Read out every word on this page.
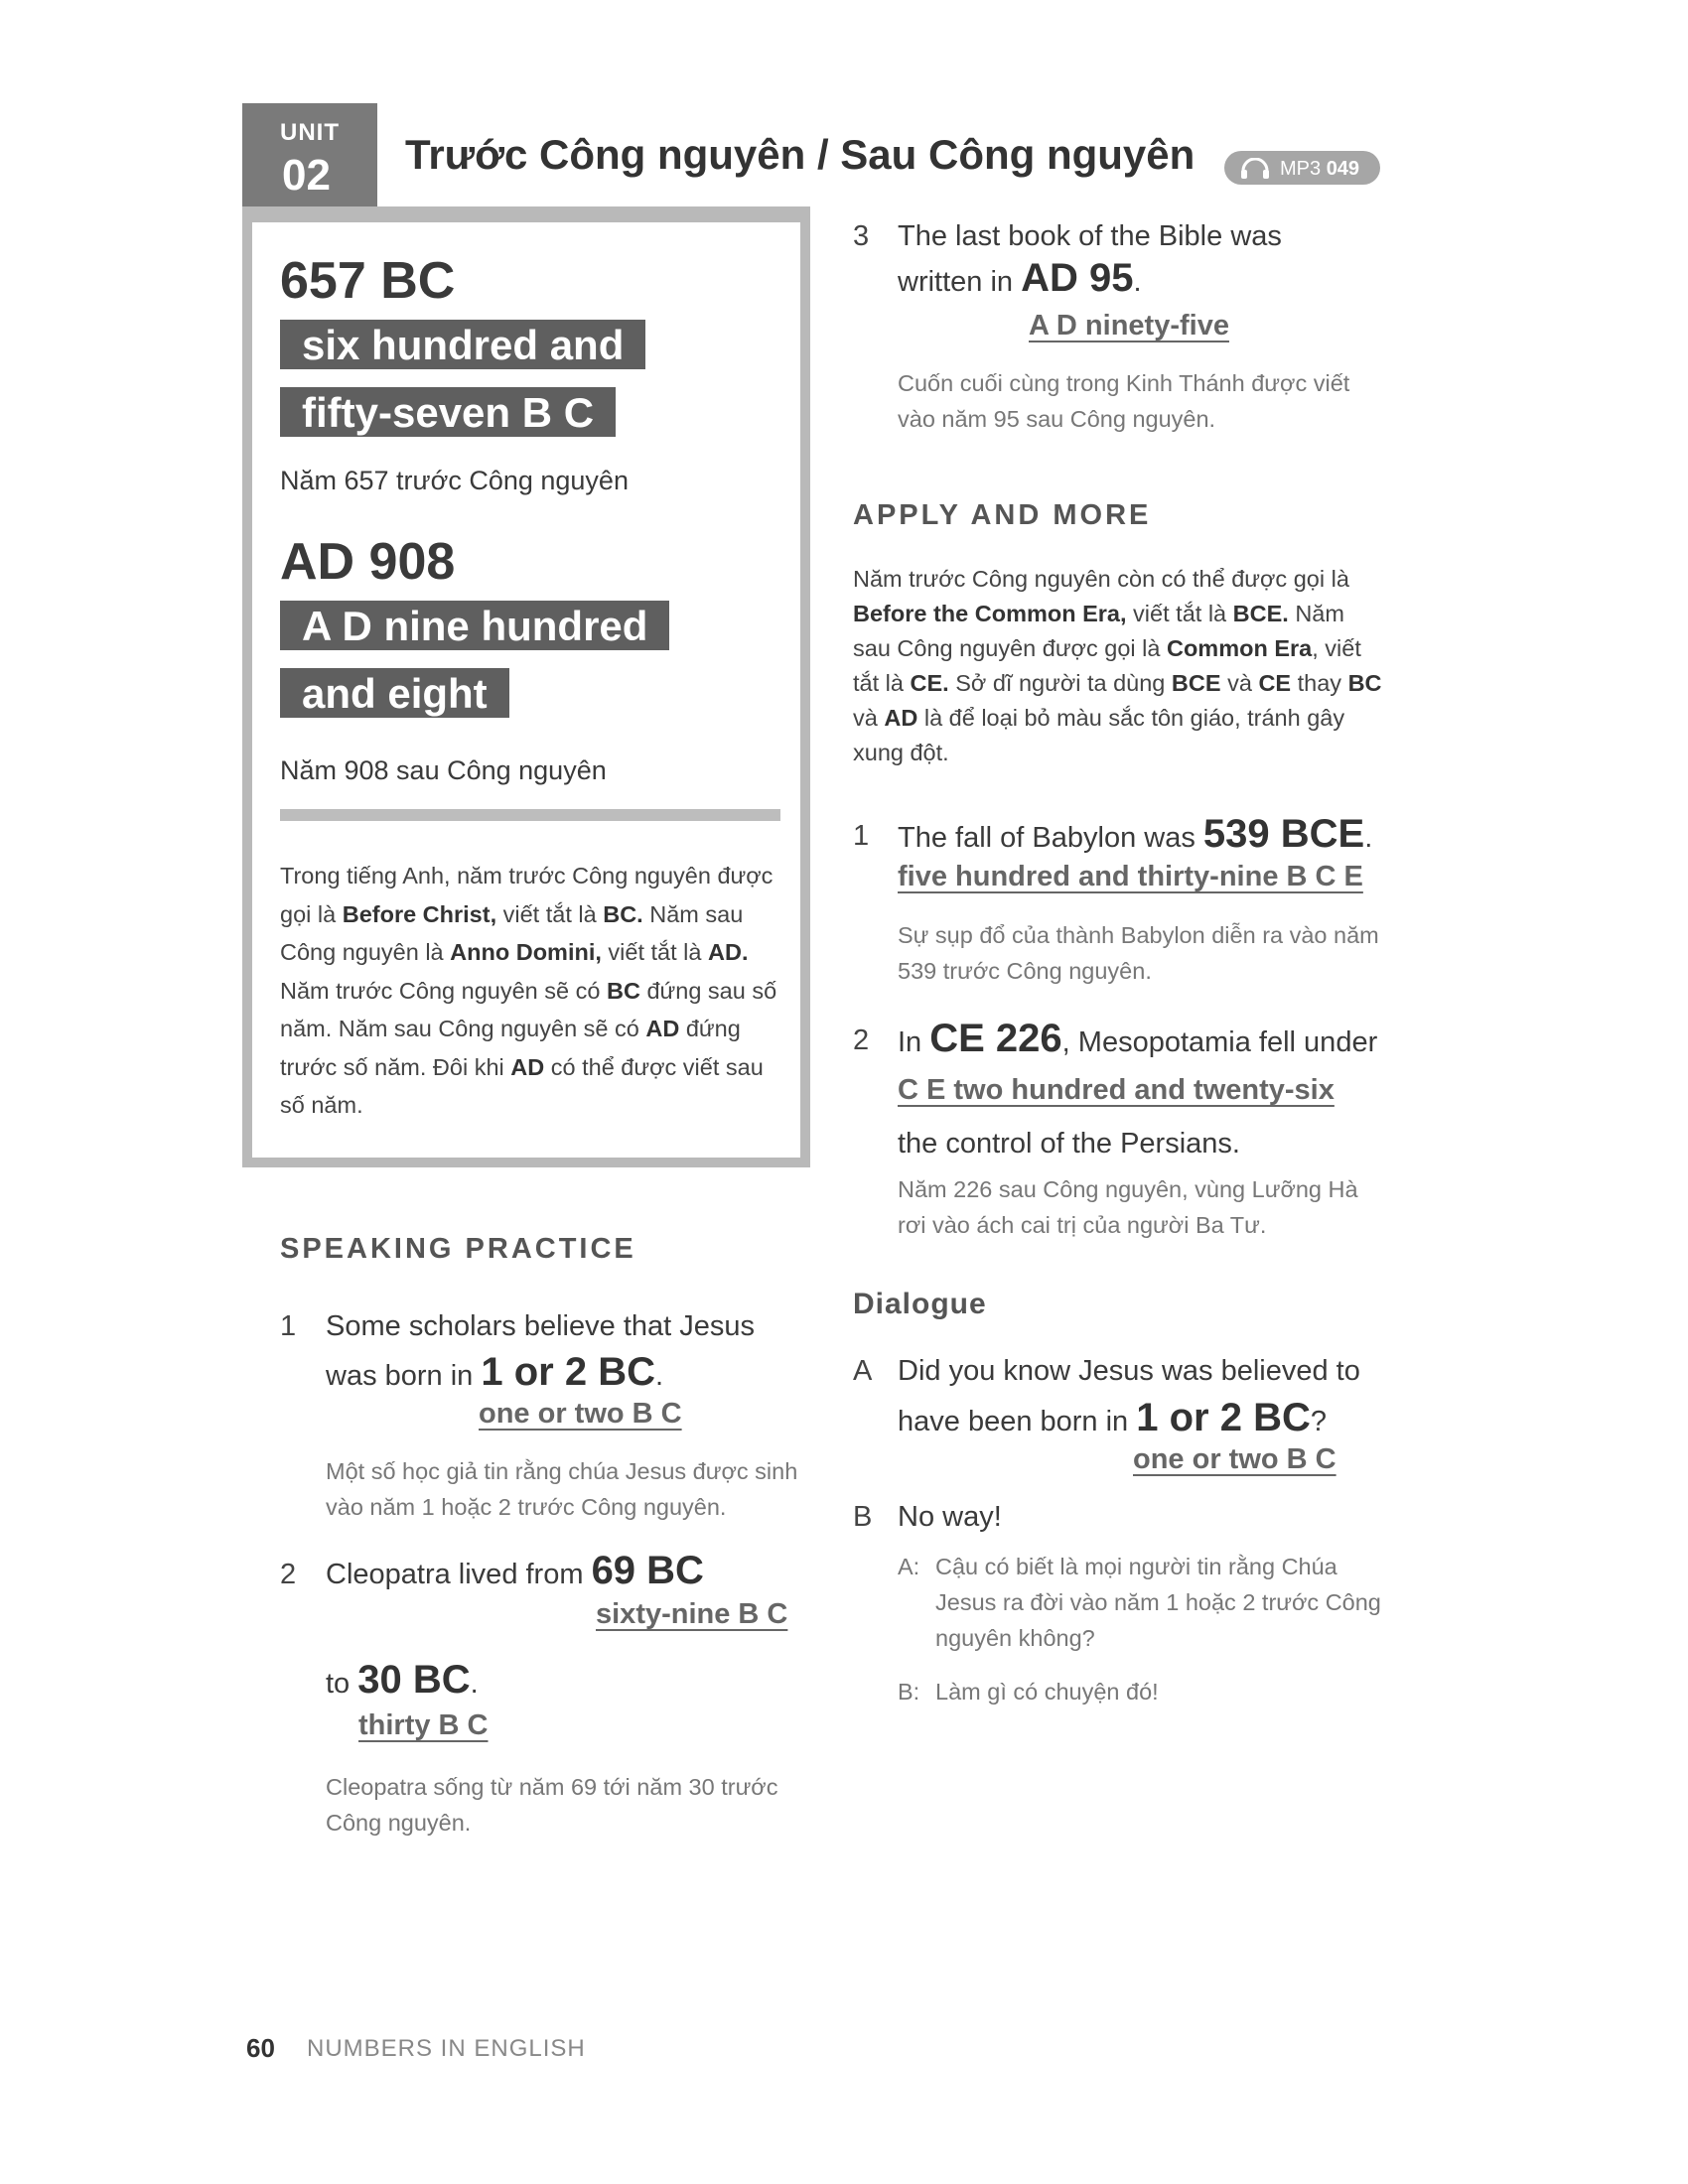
UNIT
02 Trước Công nguyên / Sau Công nguyên	MP3 049
657 BC
six hundred and
fifty-seven B C
Năm 657 trước Công nguyên
AD 908
A D nine hundred
and eight
Năm 908 sau Công nguyên
Trong tiếng Anh, năm trước Công nguyên được gọi là Before Christ, viết tắt là BC. Năm sau Công nguyên là Anno Domini, viết tắt là AD. Năm trước Công nguyên sẽ có BC đứng sau số năm. Năm sau Công nguyên sẽ có AD đứng trước số năm. Đôi khi AD có thể được viết sau số năm.
SPEAKING PRACTICE
1 Some scholars believe that Jesus
was born in 1 or 2 BC.
one or two B C
Một số học giả tin rằng chúa Jesus được sinh vào năm 1 hoặc 2 trước Công nguyên.
2 Cleopatra lived from 69 BC
sixty-nine B C
to 30 BC.
thirty B C
Cleopatra sống từ năm 69 tới năm 30 trước Công nguyên.
3 The last book of the Bible was
written in AD 95.
A D ninety-five
Cuốn cuối cùng trong Kinh Thánh được viết vào năm 95 sau Công nguyên.
APPLY AND MORE
Năm trước Công nguyên còn có thể được gọi là Before the Common Era, viết tắt là BCE. Năm sau Công nguyên được gọi là Common Era, viết tắt là CE. Sở dĩ người ta dùng BCE và CE thay BC và AD là để loại bỏ màu sắc tôn giáo, tránh gây xung đột.
1 The fall of Babylon was 539 BCE.
five hundred and thirty-nine B C E
Sự sụp đổ của thành Babylon diễn ra vào năm 539 trước Công nguyên.
2 In CE 226, Mesopotamia fell under
C E two hundred and twenty-six
the control of the Persians.
Năm 226 sau Công nguyên, vùng Lưỡng Hà rơi vào ách cai trị của người Ba Tư.
Dialogue
A Did you know Jesus was believed to
have been born in 1 or 2 BC?
one or two B C
B No way!
A: Cậu có biết là mọi người tin rằng Chúa Jesus ra đời vào năm 1 hoặc 2 trước Công nguyên không?
B: Làm gì có chuyện đó!
60 NUMBERS IN ENGLISH
